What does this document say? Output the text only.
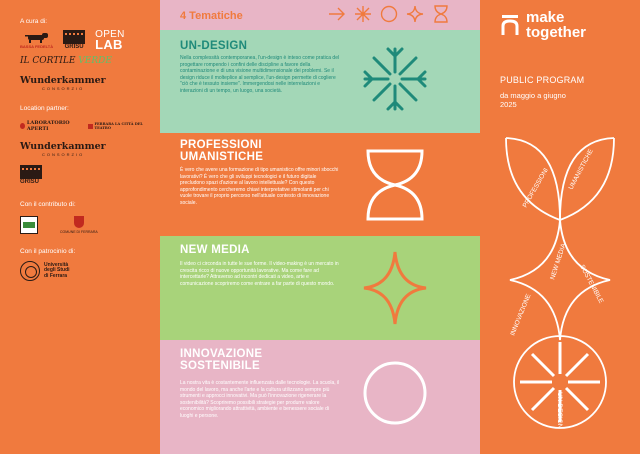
A cura di:
BASSA FEDELTÀ GRISÙ
OPEN
LAB
IL CORTILE VERDE
Wunderkammer
CONSORZIO
Location partner:
LABORATORIO APERTI
FERRARA LA CITTÀ DEL TEATRO
Wunderkammer
CONSORZIO
GRISÙ
Con il contributo di:
COMUNE DI FERRARA
Con il patrocinio di:
Università
degli Studi
di Ferrara
4 Tematiche
UN-DESIGN
Nella complessità contemporanea, l'un-design è inteso come pratica del progettare rompendo i confini delle discipline a favore della contaminazione e di una visione multidimensionale dei problemi. Se il design riduce il molteplice al semplice, l'un-design permette di cogliere "ciò che è tessuto insieme". Immergendosi nelle interrelazioni e interazioni di un tempo, un luogo, una società.
PROFESSIONI
UMANISTICHE
È vero che avere una formazione di tipo umanistico offre minori sbocchi lavorativi? È vero che gli sviluppi tecnologici e il futuro digitale precludono spazi d'azione al lavoro intellettuale? Con questo approfondimento cercheremo chiavi interpretative stimolanti per chi vuole trovare il proprio percorso nell'attuale contesto di innovazione sociale.
NEW MEDIA
Il video ci circonda in tutte le sue forme. Il video-making è un mercato in crescita ricco di nuove opportunità lavorative. Ma come fare ad intercettarle? Attraverso ad incontri dedicati a video, arte e comunicazione scopriremo come entrare a far parte di questo mondo.
INNOVAZIONE
SOSTENIBILE
La nostra vita è costantemente influenzata dalle tecnologie. La scuola, il mondo del lavoro, ma anche l'arte e la cultura utilizzano sempre più strumenti e approcci innovativi. Ma può l'innovazione rigenerare la sostenibilità? Scopriremo possibili strategie per produrre valore economico migliorando attrattività, ambiente e benessere sociale di luoghi e persone.
make
together
PUBLIC PROGRAM
da maggio a giugno
2025
PROFESSIONI	UMANISTICHE
INNOVAZIONE
NEW MEDIA
SOSTENIBILE
UN-DESIGN
